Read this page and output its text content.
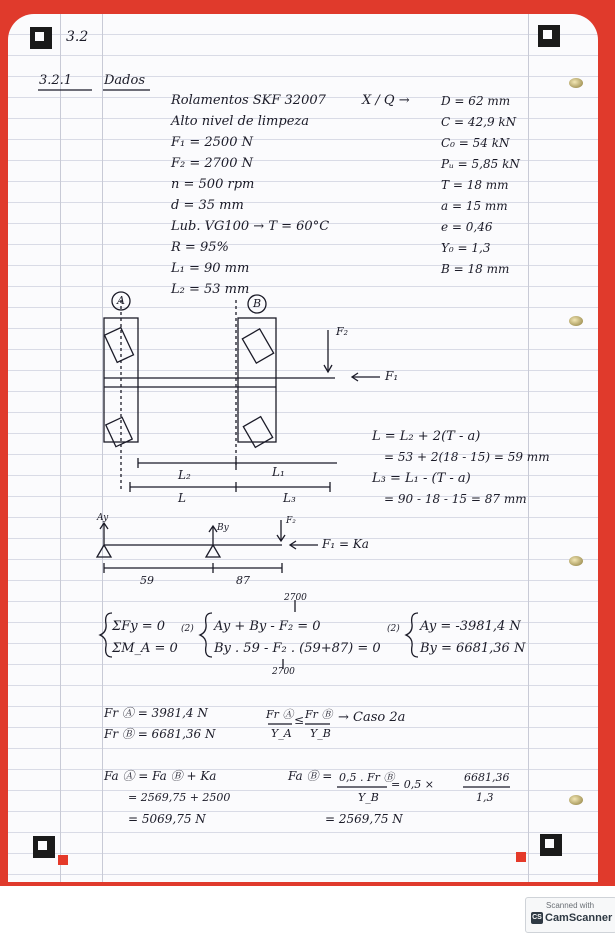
3.2
3.2.1 Dados
Rolamentos SKF 32007
Alto nivel de limpeza
F₁ = 2500 N
F₂ = 2700 N
n = 500 rpm
d = 35 mm
Lub. VG100 → T = 60°C
R = 95%
L₁ = 90 mm
L₂ = 53 mm
X / Q →	D = 62 mm
C = 42,9 kN
C₀ = 54 kN
Pᵤ = 5,85 kN
T = 18 mm
a = 15 mm
e = 0,46
Y₀ = 1,3
B = 18 mm
A	B
F₂
F₁
L₂	L₁
L	L₃
L = L₂ + 2(T - a)
= 53 + 2(18 - 15) = 59 mm
L₃ = L₁ - (T - a)
= 90 - 18 - 15 = 87 mm
Ay
By
F₂
F₁ = Ka
59	87
2700
ΣFy = 0
ΣM_A = 0
(2) Ay + By - F₂ = 0
By . 59 - F₂ . (59+87) = 0
2700
(2) Ay = -3981,4 N
By = 6681,36 N
Fr Ⓐ = 3981,4 N
Fr Ⓑ = 6681,36 N
Fr Ⓐ
Y_A
≤ Fr Ⓑ
Y_B
→ Caso 2a
Fa Ⓐ = Fa Ⓑ + Ka
= 2569,75 + 2500
= 5069,75 N
Fa Ⓑ = 0,5 . Fr Ⓑ
Y_B
= 0,5 ×
6681,36
1,3
= 2569,75 N
Scanned with
CS CamScanner
